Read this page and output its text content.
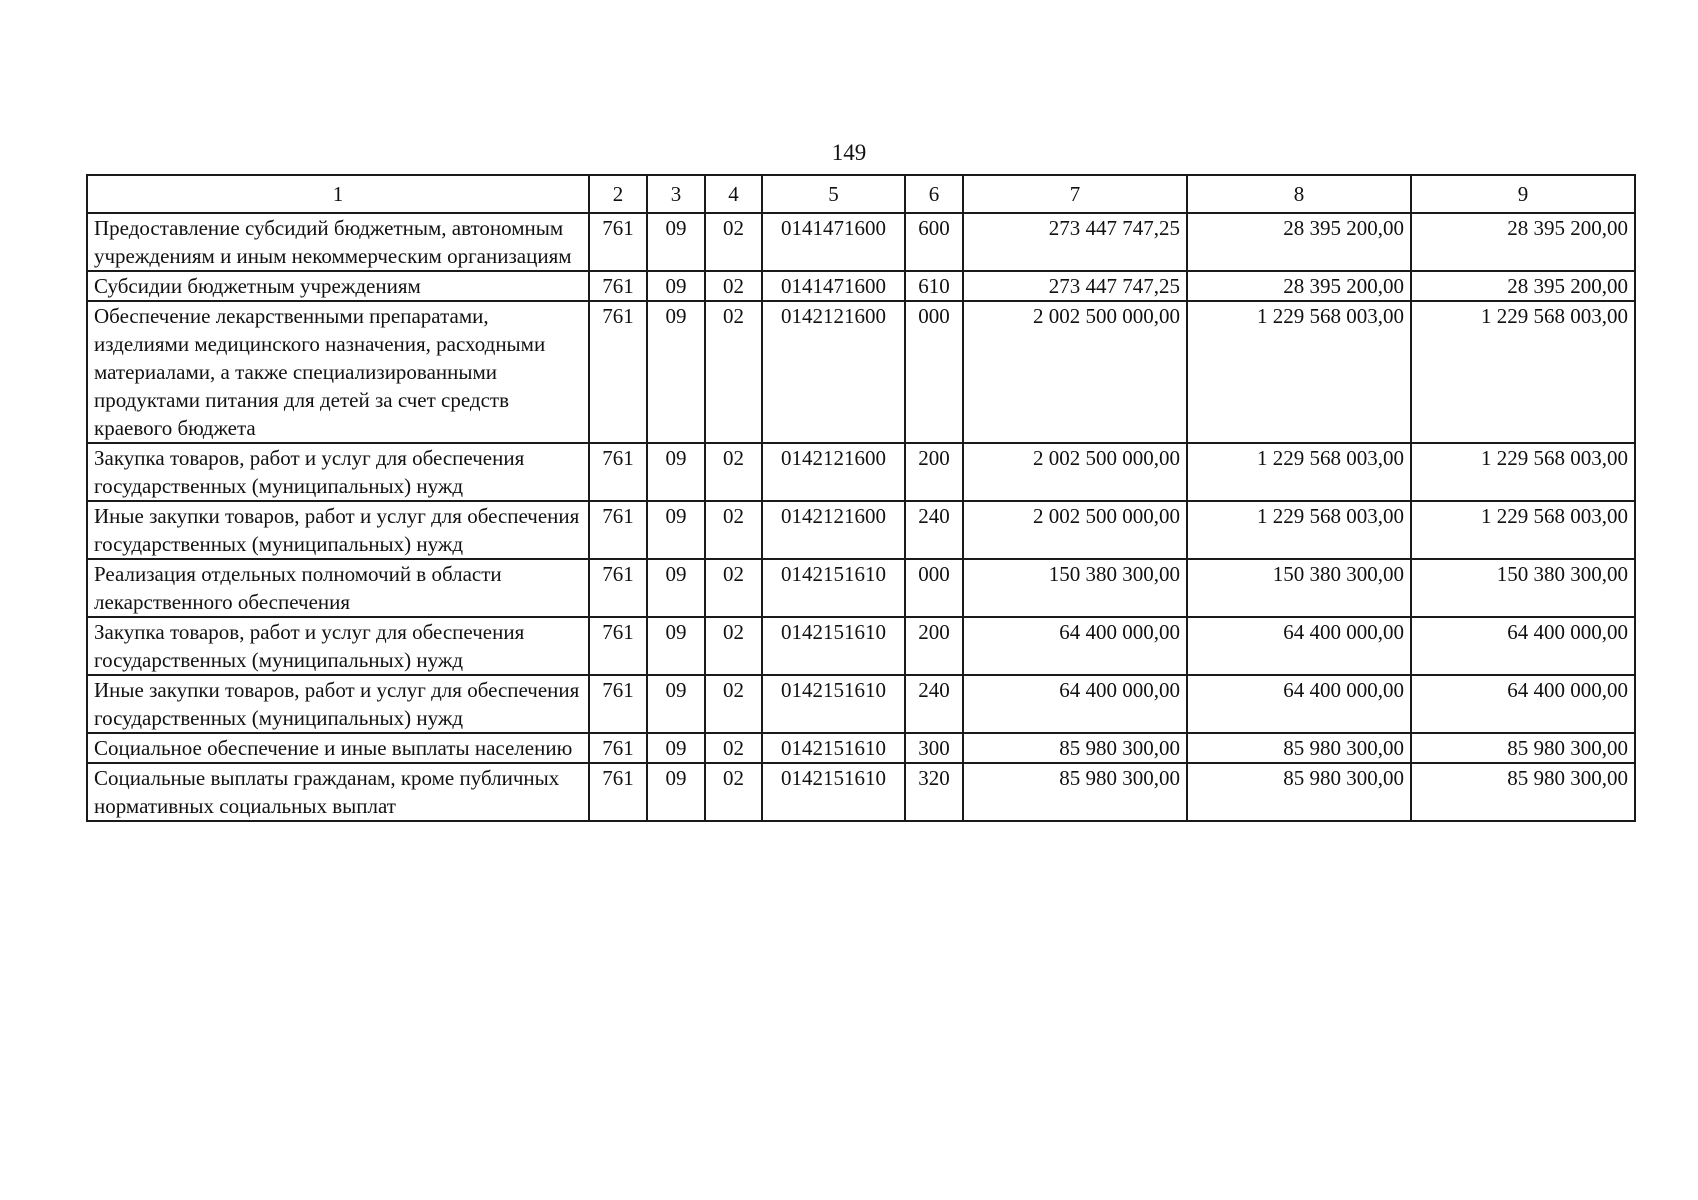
149
1	2	3	4	5	6	7	8	9
Предоставление субсидий бюджетным, автономным учреждениям и иным некоммерческим организациям	761	09	02	0141471600	600	273 447 747,25	28 395 200,00	28 395 200,00
Субсидии бюджетным учреждениям	761	09	02	0141471600	610	273 447 747,25	28 395 200,00	28 395 200,00
Обеспечение лекарственными препаратами, изделиями медицинского назначения, расходными материалами, а также специализированными продуктами питания для детей за счет средств краевого бюджета	761	09	02	0142121600	000	2 002 500 000,00	1 229 568 003,00	1 229 568 003,00
Закупка товаров, работ и услуг для обеспечения государственных (муниципальных) нужд	761	09	02	0142121600	200	2 002 500 000,00	1 229 568 003,00	1 229 568 003,00
Иные закупки товаров, работ и услуг для обеспечения государственных (муниципальных) нужд	761	09	02	0142121600	240	2 002 500 000,00	1 229 568 003,00	1 229 568 003,00
Реализация отдельных полномочий в области лекарственного обеспечения	761	09	02	0142151610	000	150 380 300,00	150 380 300,00	150 380 300,00
Закупка товаров, работ и услуг для обеспечения государственных (муниципальных) нужд	761	09	02	0142151610	200	64 400 000,00	64 400 000,00	64 400 000,00
Иные закупки товаров, работ и услуг для обеспечения государственных (муниципальных) нужд	761	09	02	0142151610	240	64 400 000,00	64 400 000,00	64 400 000,00
Социальное обеспечение и иные выплаты населению	761	09	02	0142151610	300	85 980 300,00	85 980 300,00	85 980 300,00
Социальные выплаты гражданам, кроме публичных нормативных социальных выплат	761	09	02	0142151610	320	85 980 300,00	85 980 300,00	85 980 300,00
